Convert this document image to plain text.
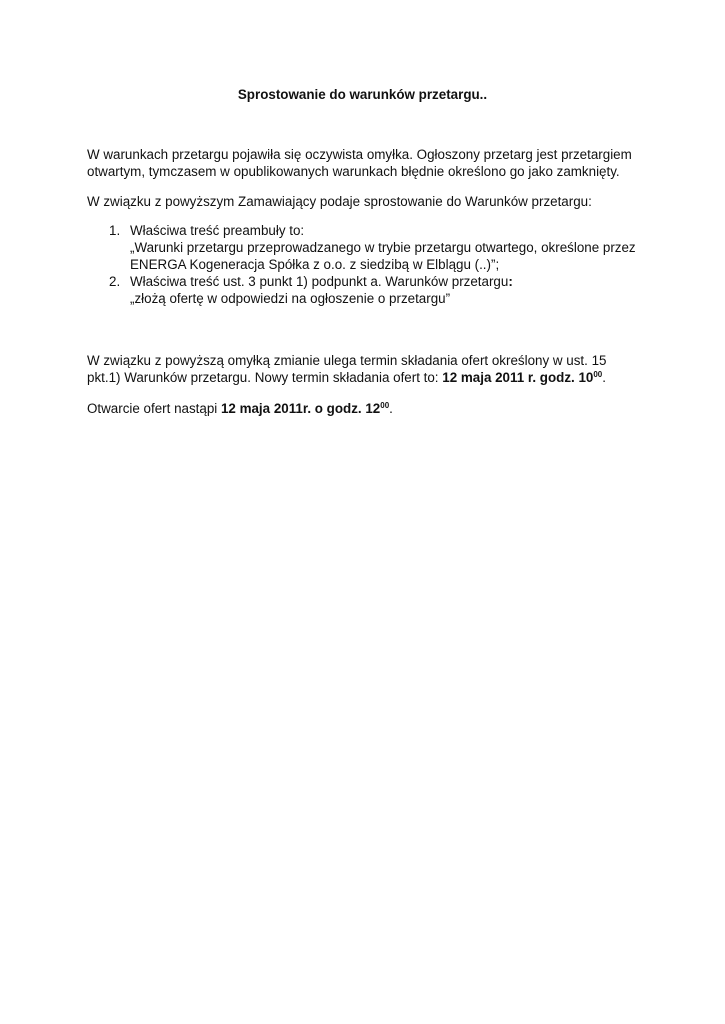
Sprostowanie do warunków przetargu..

W warunkach przetargu pojawiła się oczywista omyłka. Ogłoszony przetarg jest przetargiem
otwartym, tymczasem w opublikowanych warunkach błędnie określono go jako zamknięty.

W związku z powyższym Zamawiający podaje sprostowanie do Warunków przetargu:

1. Właściwa treść preambuły to:
„Warunki przetargu przeprowadzanego w trybie przetargu otwartego, określone przez
ENERGA Kogeneracja Spółka z o.o. z siedzibą w Elblągu (..)”;
2. Właściwa treść ust. 3 punkt 1) podpunkt a. Warunków przetargu:
„złożą ofertę w odpowiedzi na ogłoszenie o przetargu”

W związku z powyższą omyłką zmianie ulega termin składania ofert określony w ust. 15
pkt.1) Warunków przetargu. Nowy termin składania ofert to: 12 maja 2011 r. godz. $10^{00}$.

Otwarcie ofert nastąpi 12 maja 2011r. o godz. $12^{00}$.
